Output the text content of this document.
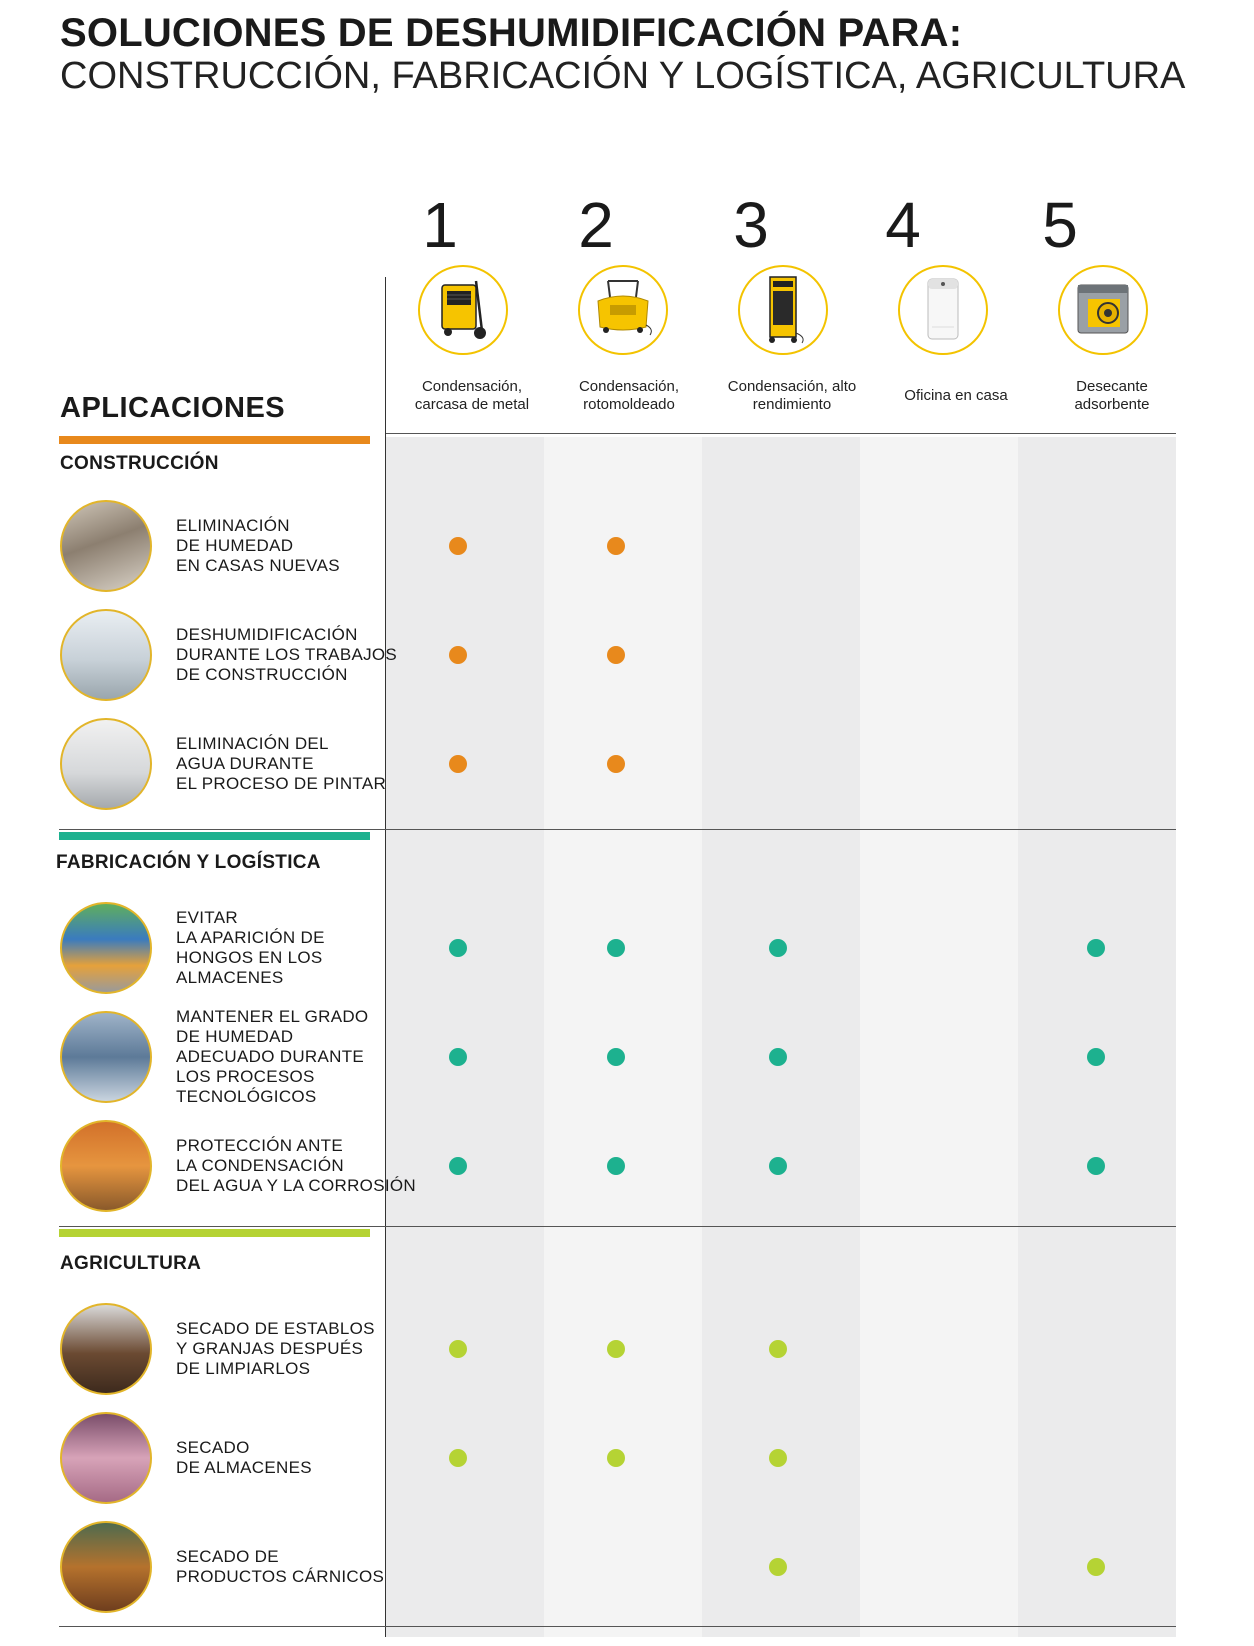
SOLUCIONES DE DESHUMIDIFICACIÓN PARA:
CONSTRUCCIÓN, FABRICACIÓN Y LOGÍSTICA, AGRICULTURA
1
Condensación,
carcasa de metal
2
Condensación,
rotomoldeado
3
Condensación, alto
rendimiento
4
Oficina en casa
5
Desecante
adsorbente
APLICACIONES
CONSTRUCCIÓN
ELIMINACIÓN
DE HUMEDAD
EN CASAS NUEVAS
DESHUMIDIFICACIÓN
DURANTE LOS TRABAJOS
DE CONSTRUCCIÓN
ELIMINACIÓN DEL
AGUA DURANTE
EL PROCESO DE PINTAR
FABRICACIÓN Y LOGÍSTICA
EVITAR
LA APARICIÓN DE
HONGOS EN LOS
ALMACENES
MANTENER EL GRADO
DE HUMEDAD
ADECUADO DURANTE
LOS PROCESOS
TECNOLÓGICOS
PROTECCIÓN ANTE
LA CONDENSACIÓN
DEL AGUA Y LA CORROSIÓN
AGRICULTURA
SECADO DE ESTABLOS
Y GRANJAS DESPUÉS
DE LIMPIARLOS
SECADO
DE ALMACENES
SECADO DE
PRODUCTOS CÁRNICOS
